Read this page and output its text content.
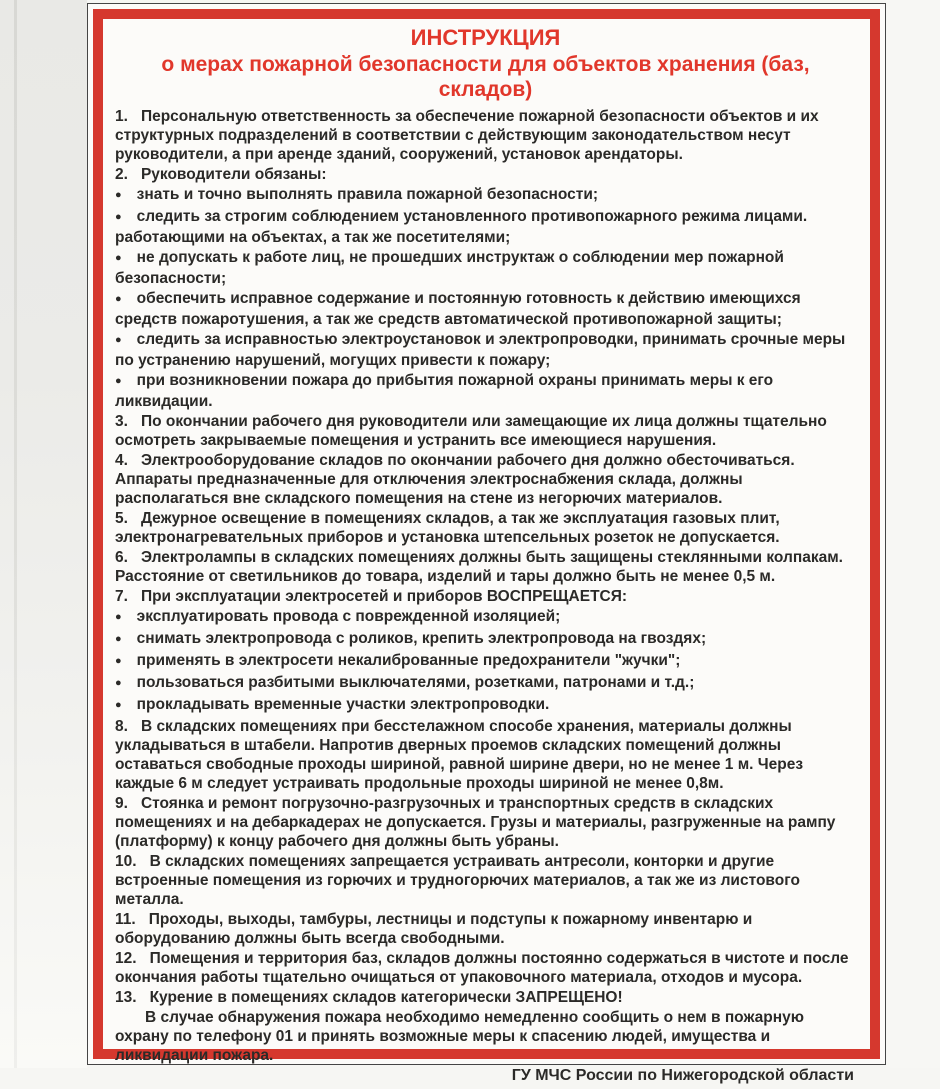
ИНСТРУКЦИЯ
о мерах пожарной безопасности для объектов хранения (баз, складов)

1. Персональную ответственность за обеспечение пожарной безопасности объектов и их структурных подразделений в соответствии с действующим законодательством несут руководители, а при аренде зданий, сооружений, установок арендаторы.

2. Руководители обязаны:

● знать и точно выполнять правила пожарной безопасности;

● следить за строгим соблюдением установленного противопожарного режима лицами. работающими на объектах, а так же посетителями;

● не допускать к работе лиц, не прошедших инструктаж о соблюдении мер пожарной безопасности;

● обеспечить исправное содержание и постоянную готовность к действию имеющихся средств пожаротушения, а так же средств автоматической противопожарной защиты;

● следить за исправностью электроустановок и электропроводки, принимать срочные меры по устранению нарушений, могущих привести к пожару;

● при возникновении пожара до прибытия пожарной охраны принимать меры к его ликвидации.

3. По окончании рабочего дня руководители или замещающие их лица должны тщательно осмотреть закрываемые помещения и устранить все имеющиеся нарушения.

4. Электрооборудование складов по окончании рабочего дня должно обесточиваться. Аппараты предназначенные для отключения электроснабжения склада, должны располагаться вне складского помещения на стене из негорючих материалов.

5. Дежурное освещение в помещениях складов, а так же эксплуатация газовых плит, электронагревательных приборов и установка штепсельных розеток не допускается.

6. Электролампы в складских помещениях должны быть защищены стеклянными колпакам. Расстояние от светильников до товара, изделий и тары должно быть не менее 0,5 м.

7. При эксплуатации электросетей и приборов ВОСПРЕЩАЕТСЯ:

● эксплуатировать провода с поврежденной изоляцией;

● снимать электропровода с роликов, крепить электропровода на гвоздях;

● применять в электросети некалиброванные предохранители "жучки";

● пользоваться разбитыми выключателями, розетками, патронами и т.д.;

● прокладывать временные участки электропроводки.

8. В складских помещениях при бесстелажном способе хранения, материалы должны укладываться в штабели. Напротив дверных проемов складских помещений должны оставаться свободные проходы шириной, равной ширине двери, но не менее 1 м. Через каждые 6 м следует устраивать продольные проходы шириной не менее 0,8м.

9. Стоянка и ремонт погрузочно-разгрузочных и транспортных средств в складских помещениях и на дебаркадерах не допускается. Грузы и материалы, разгруженные на рампу (платформу) к концу рабочего дня должны быть убраны.

10. В складских помещениях запрещается устраивать антресоли, конторки и другие встроенные помещения из горючих и трудногорючих материалов, а так же из листового металла.

11. Проходы, выходы, тамбуры, лестницы и подступы к пожарному инвентарю и оборудованию должны быть всегда свободными.

12. Помещения и территория баз, складов должны постоянно содержаться в чистоте и после окончания работы тщательно очищаться от упаковочного материала, отходов и мусора.

13. Курение в помещениях складов категорически ЗАПРЕЩЕНО!

В случае обнаружения пожара необходимо немедленно сообщить о нем в пожарную охрану по телефону 01 и принять возможные меры к спасению людей, имущества и ликвидации пожара.

ГУ МЧС России по Нижегородской области
